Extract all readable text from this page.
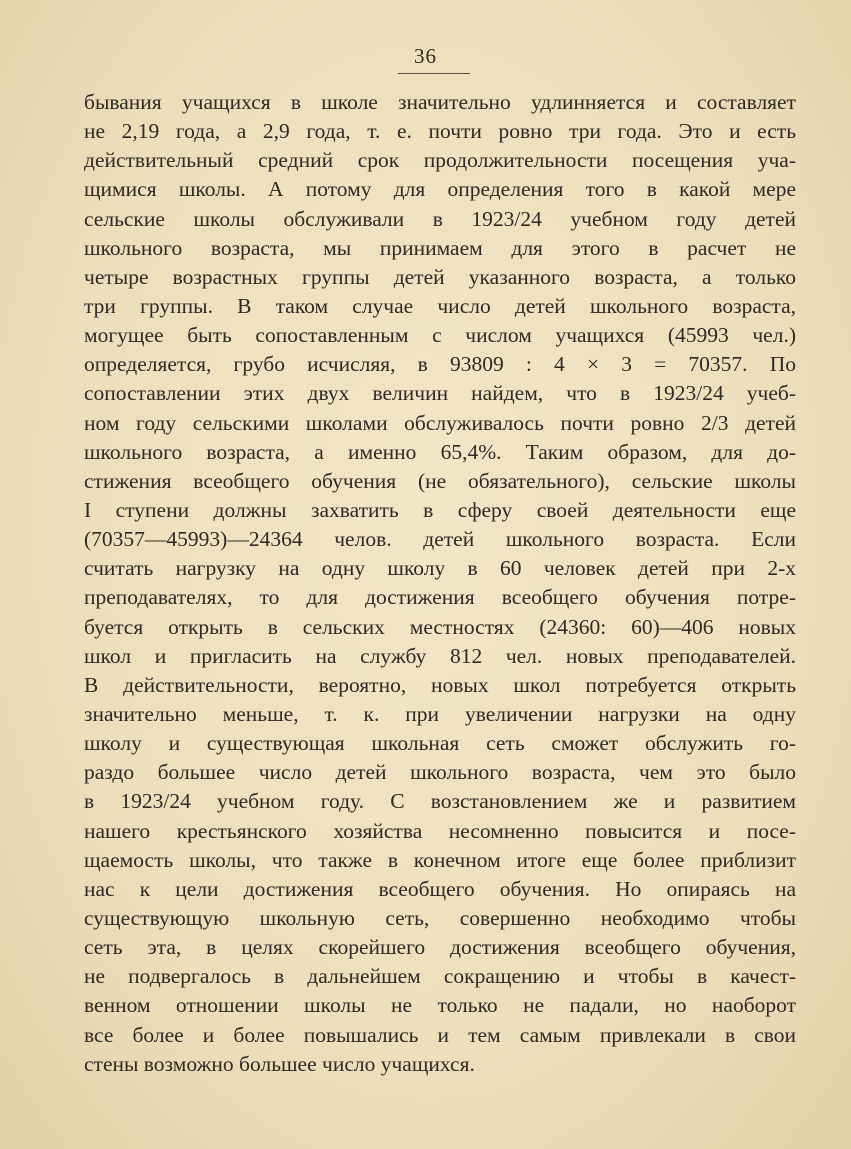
36
бывания учащихся в школе значительно удлинняется и составляет
не 2,19 года, а 2,9 года, т. е. почти ровно три года. Это и есть
действительный средний срок продолжительности посещения уча-
щимися школы. А потому для определения того в какой мере
сельские школы обслуживали в 1923/24 учебном году детей
школьного возраста, мы принимаем для этого в расчет не
четыре возрастных группы детей указанного возраста, а только
три группы. В таком случае число детей школьного возраста,
могущее быть сопоставленным с числом учащихся (45993 чел.)
определяется, грубо исчисляя, в 93809 : 4 × 3 = 70357. По
сопоставлении этих двух величин найдем, что в 1923/24 учеб-
ном году сельскими школами обслуживалось почти ровно 2/3 детей
школьного возраста, а именно 65,4%. Таким образом, для до-
стижения всеобщего обучения (не обязательного), сельские школы
I ступени должны захватить в сферу своей деятельности еще
(70357—45993)—24364 челов. детей школьного возраста. Если
считать нагрузку на одну школу в 60 человек детей при 2-х
преподавателях, то для достижения всеобщего обучения потре-
буется открыть в сельских местностях (24360: 60)—406 новых
школ и пригласить на службу 812 чел. новых преподавателей.
В действительности, вероятно, новых школ потребуется открыть
значительно меньше, т. к. при увеличении нагрузки на одну
школу и существующая школьная сеть сможет обслужить го-
раздо большее число детей школьного возраста, чем это было
в 1923/24 учебном году. С возстановлением же и развитием
нашего крестьянского хозяйства несомненно повысится и посе-
щаемость школы, что также в конечном итоге еще более приблизит
нас к цели достижения всеобщего обучения. Но опираясь на
существующую школьную сеть, совершенно необходимо чтобы
сеть эта, в целях скорейшего достижения всеобщего обучения,
не подвергалось в дальнейшем сокращению и чтобы в качест-
венном отношении школы не только не падали, но наоборот
все более и более повышались и тем самым привлекали в свои
стены возможно большее число учащихся.
